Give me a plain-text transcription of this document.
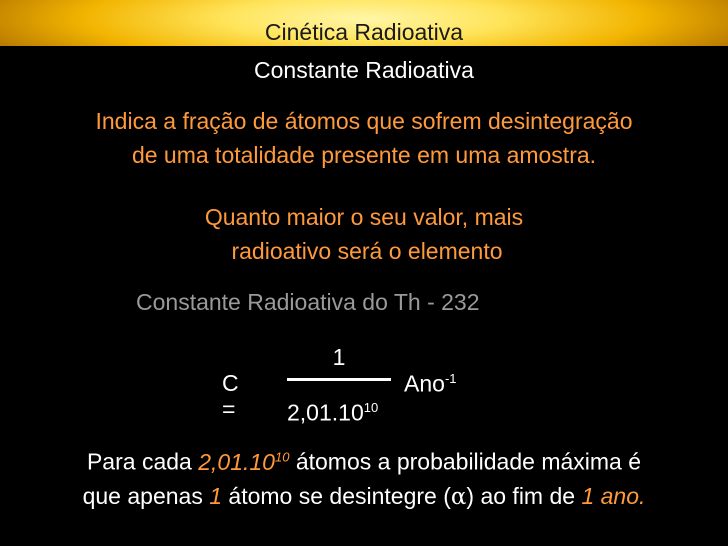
Cinética Radioativa
Constante Radioativa
Indica a fração de átomos que sofrem desintegração
de uma totalidade presente em uma amostra.
Quanto maior o seu valor, mais
radioativo será o elemento
Constante Radioativa do Th - 232
1
C =
Ano$^{-1}$
2,01.10$^{10}$
Para cada 2,01.10$^{10}$ átomos a probabilidade máxima é
que apenas 1 átomo se desintegre (α) ao fim de 1 ano.
